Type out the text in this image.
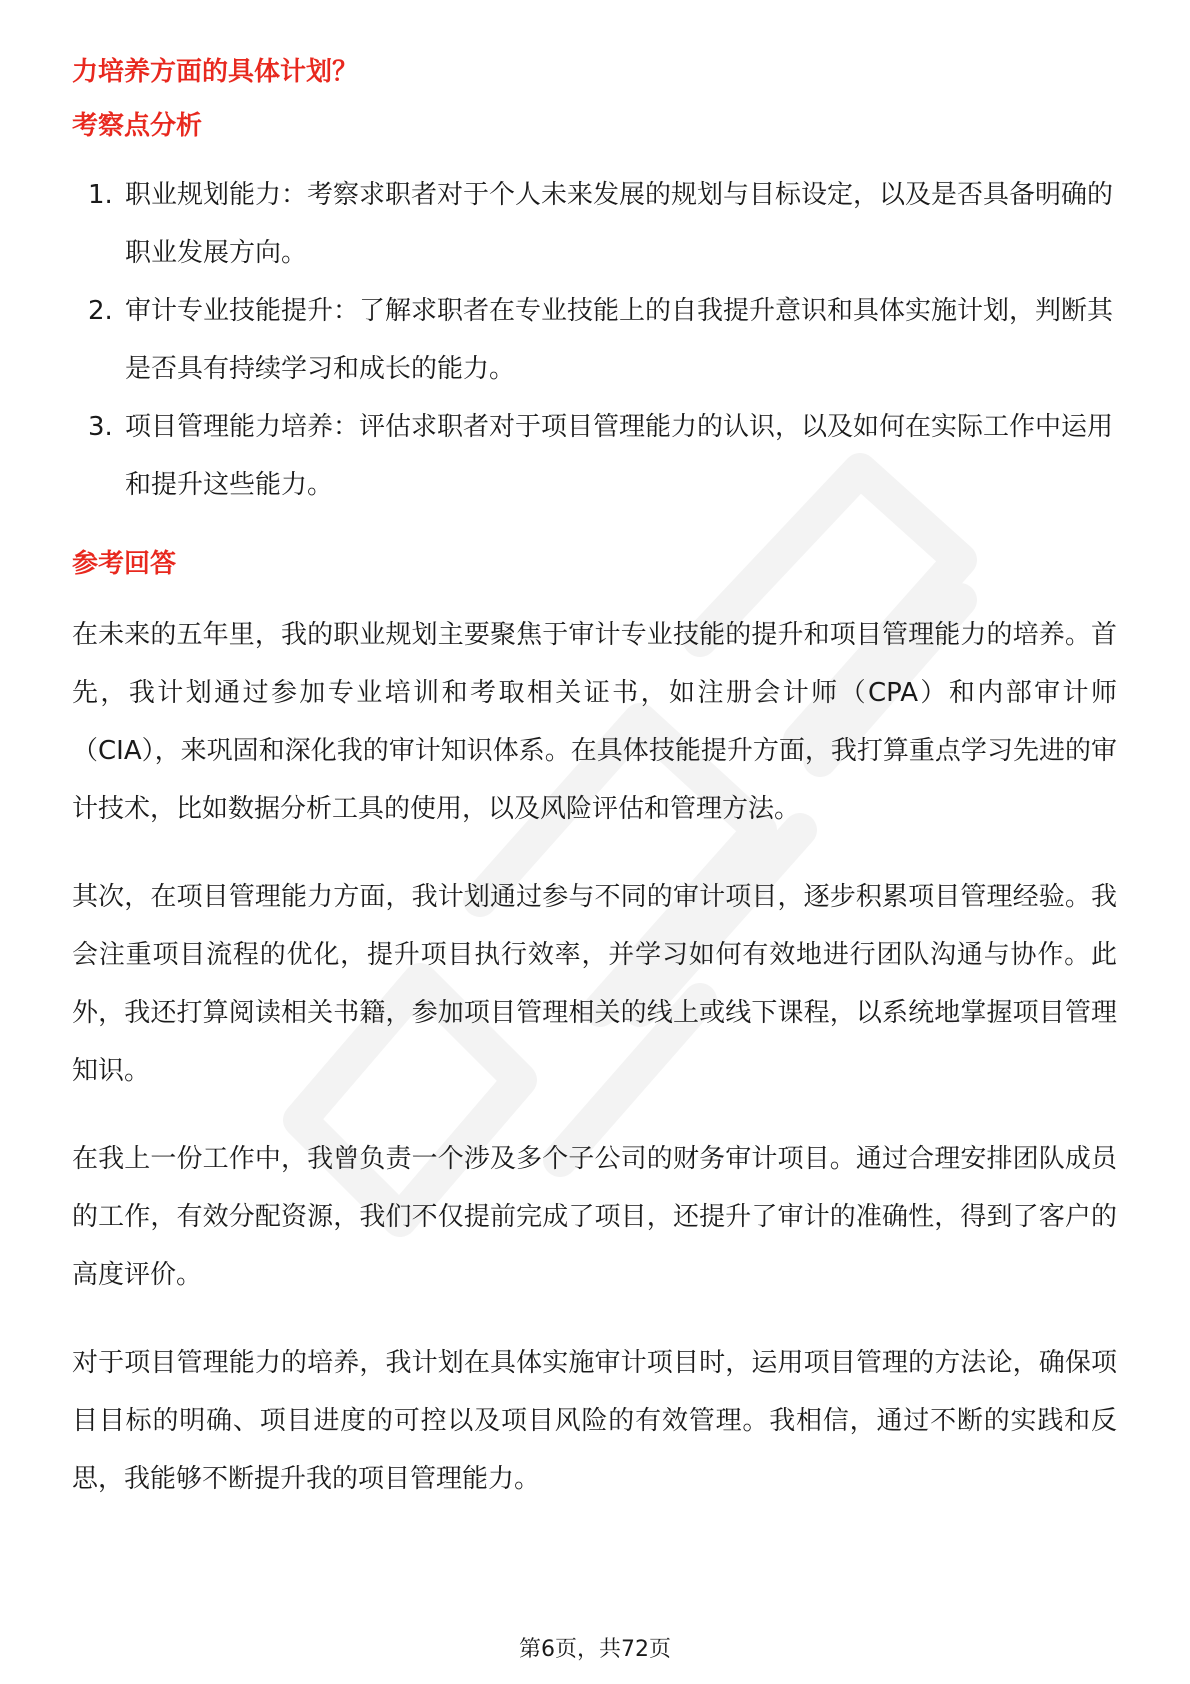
力培养方面的具体计划？

考察点分析

1. 职业规划能力：考察求职者对于个人未来发展的规划与目标设定，以及是否具备明确的职业发展方向。
2. 审计专业技能提升：了解求职者在专业技能上的自我提升意识和具体实施计划，判断其是否具有持续学习和成长的能力。
3. 项目管理能力培养：评估求职者对于项目管理能力的认识，以及如何在实际工作中运用和提升这些能力。

参考回答

在未来的五年里，我的职业规划主要聚焦于审计专业技能的提升和项目管理能力的培养。首先，我计划通过参加专业培训和考取相关证书，如注册会计师（CPA）和内部审计师（CIA），来巩固和深化我的审计知识体系。在具体技能提升方面，我打算重点学习先进的审计技术，比如数据分析工具的使用，以及风险评估和管理方法。

其次，在项目管理能力方面，我计划通过参与不同的审计项目，逐步积累项目管理经验。我会注重项目流程的优化，提升项目执行效率，并学习如何有效地进行团队沟通与协作。此外，我还打算阅读相关书籍，参加项目管理相关的线上或线下课程，以系统地掌握项目管理知识。

在我上一份工作中，我曾负责一个涉及多个子公司的财务审计项目。通过合理安排团队成员的工作，有效分配资源，我们不仅提前完成了项目，还提升了审计的准确性，得到了客户的高度评价。

对于项目管理能力的培养，我计划在具体实施审计项目时，运用项目管理的方法论，确保项目目标的明确、项目进度的可控以及项目风险的有效管理。我相信，通过不断的实践和反思，我能够不断提升我的项目管理能力。

第6页，共72页
